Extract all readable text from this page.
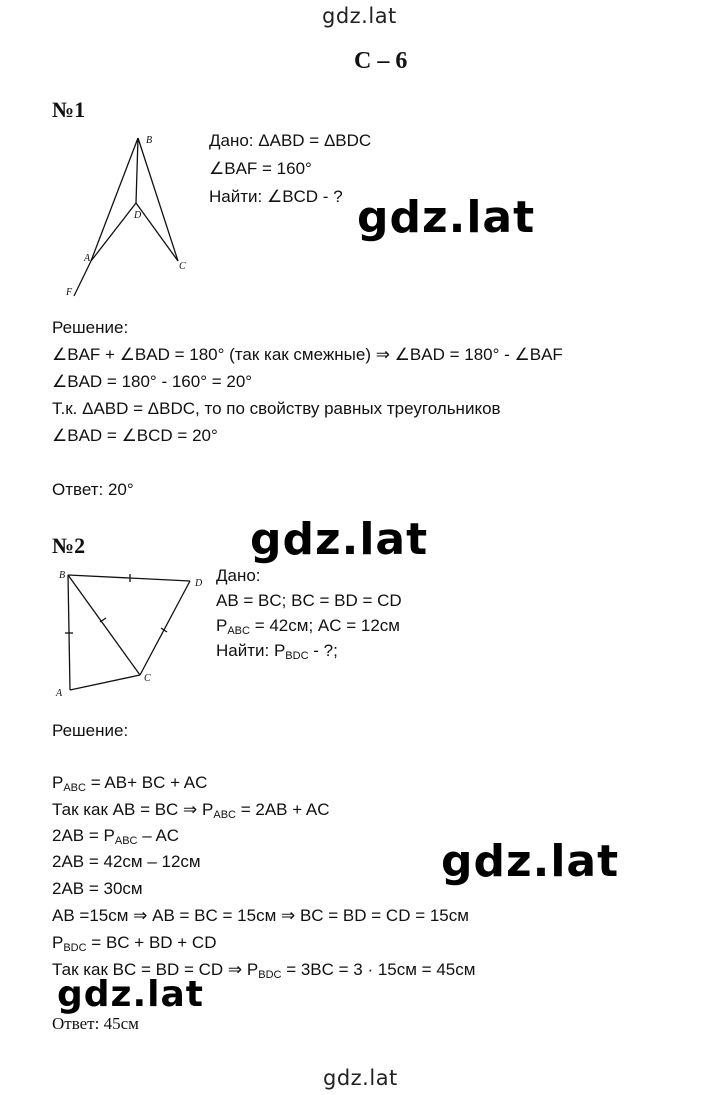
gdz.lat
gdz.lat
gdz.lat
gdz.lat
gdz.lat
gdz.lat
С – 6
№1
B
D
A
C
F
Дано: ΔABD = ΔBDC
∠BAF = 160°
Найти: ∠BCD - ?
Решение:
∠BAF + ∠BAD = 180° (так как смежные) ⇒ ∠BAD = 180° - ∠BAF
∠BAD = 180° - 160° = 20°
Т.к. ΔABD = ΔBDC, то по свойству равных треугольников
∠BAD = ∠BCD = 20°
Ответ: 20°
№2
B
D
A
C
Дано:
AB = BC; BC = BD = CD
$P_{ABC} = 42см$; AC = 12см
Найти: $P_{BDC}$ - ?;
Решение:
$P_{ABC} = AB+$ BC + AC
Так как AB = BC ⇒ $P_{ABC} = 2AB$ + AC
$2AB = P_{ABC}$ – AC
2AB = 42см – 12см
2AB = 30см
AB =15см ⇒ AB = BC = 15см ⇒ BC = BD = CD = 15см
$P_{BDC}$ = BC + BD + CD
Так как BC = BD = CD ⇒ $P_{BDC} = 3BC = 3 \cdot 15см = 45см$
Ответ: 45см
